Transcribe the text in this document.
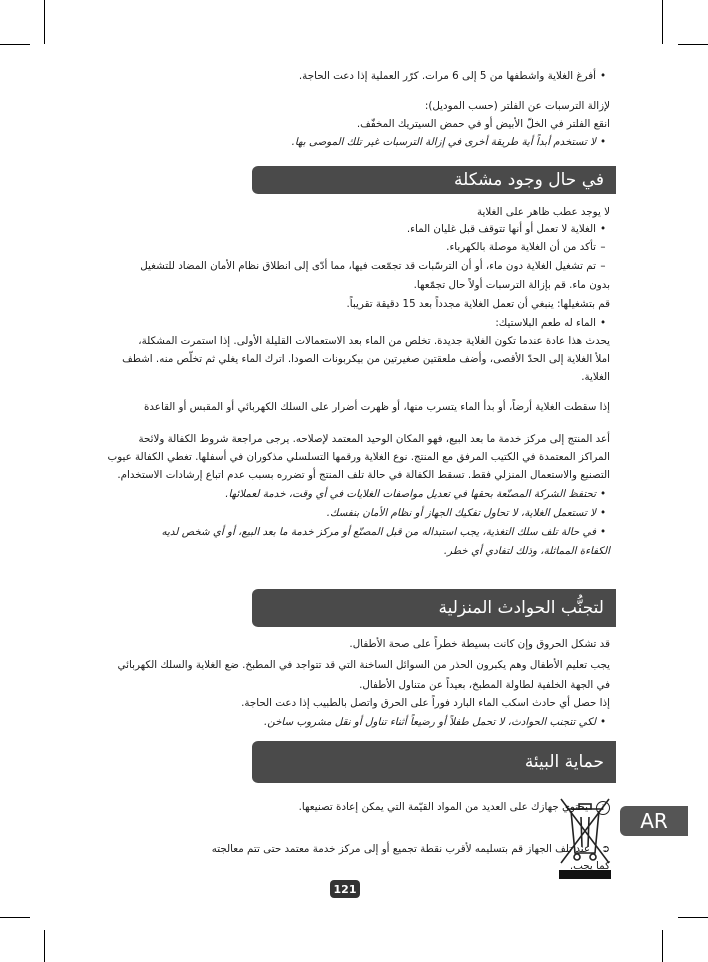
• أفرغ الغلاية واشطفها من 5 إلى 6 مرات. كرّر العملية إذا دعت الحاجة.
لإزالة الترسبات عن الفلتر (حسب الموديل):
انقع الفلتر في الخلّ الأبيض أو في حمض السيتريك المخفّف.
• لا تستخدم أبداً أية طريقة أخرى في إزالة الترسبات غير تلك الموصى بها.
في حال وجود مشكلة
لا يوجد عطب ظاهر على الغلاية
• الغلاية لا تعمل أو أنها تتوقف قبل غليان الماء.
– تأكد من أن الغلاية موصلة بالكهرباء.
– تم تشغيل الغلاية دون ماء، أو أن الترسّبات قد تجمّعت فيها، مما أدّى إلى انطلاق نظام الأمان المضاد للتشغيل
بدون ماء. قم بإزالة الترسبات أولاً حال تجمّعها.
قم بتشغيلها: ينبغي أن تعمل الغلاية مجدداً بعد 15 دقيقة تقريباً.
• الماء له طعم البلاستيك:
يحدث هذا عادة عندما تكون الغلاية جديدة. تخلص من الماء بعد الاستعمالات القليلة الأولى. إذا استمرت المشكلة،
املأ الغلاية إلى الحدّ الأقصى، وأضف ملعقتين صغيرتين من بيكربونات الصودا. اترك الماء يغلي ثم تخلّص منه. اشطف
الغلاية.
إذا سقطت الغلاية أرضاً، أو بدأ الماء يتسرب منها، أو ظهرت أضرار على السلك الكهربائي أو المقبس أو القاعدة
أعد المنتج إلى مركز خدمة ما بعد البيع، فهو المكان الوحيد المعتمد لإصلاحه. يرجى مراجعة شروط الكفالة ولائحة
المراكز المعتمدة في الكتيب المرفق مع المنتج. نوع الغلاية ورقمها التسلسلي مذكوران في أسفلها. تغطي الكفالة عيوب
التصنيع والاستعمال المنزلي فقط. تسقط الكفالة في حالة تلف المنتج أو تضرره بسبب عدم اتباع إرشادات الاستخدام.
• تحتفظ الشركة المصنّعة بحقها في تعديل مواصفات الغلايات في أي وقت، خدمة لعملائها.
• لا تستعمل الغلاية، لا تحاول تفكيك الجهاز أو نظام الأمان بنفسك.
• في حالة تلف سلك التغذية، يجب استبداله من قبل المصنّع أو مركز خدمة ما بعد البيع، أو أي شخص لديه
الكفاءة المماثلة، وذلك لتفادي أي خطر.
لتجنُّب الحوادث المنزلية
قد تشكل الحروق وإن كانت بسيطة خطراً على صحة الأطفال.
يجب تعليم الأطفال وهم يكبرون الحذر من السوائل الساخنة التي قد تتواجد في المطبخ. ضع الغلاية والسلك الكهربائي
في الجهة الخلفية لطاولة المطبخ، بعيداً عن متناول الأطفال.
إذا حصل أي حادث اسكب الماء البارد فوراً على الحرق واتصل بالطبيب إذا دعت الحاجة.
• لكي تتجنب الحوادث، لا تحمل طفلاً أو رضيعاً أثناء تناول أو نقل مشروب ساخن.
حماية البيئة
iيحتوي جهازك على العديد من المواد القيّمة التي يمكن إعادة تصنيعها.
➲عند تلف الجهاز قم بتسليمه لأقرب نقطة تجميع أو إلى مركز خدمة معتمد حتى تتم معالجته
كما يجب.
AR
121
